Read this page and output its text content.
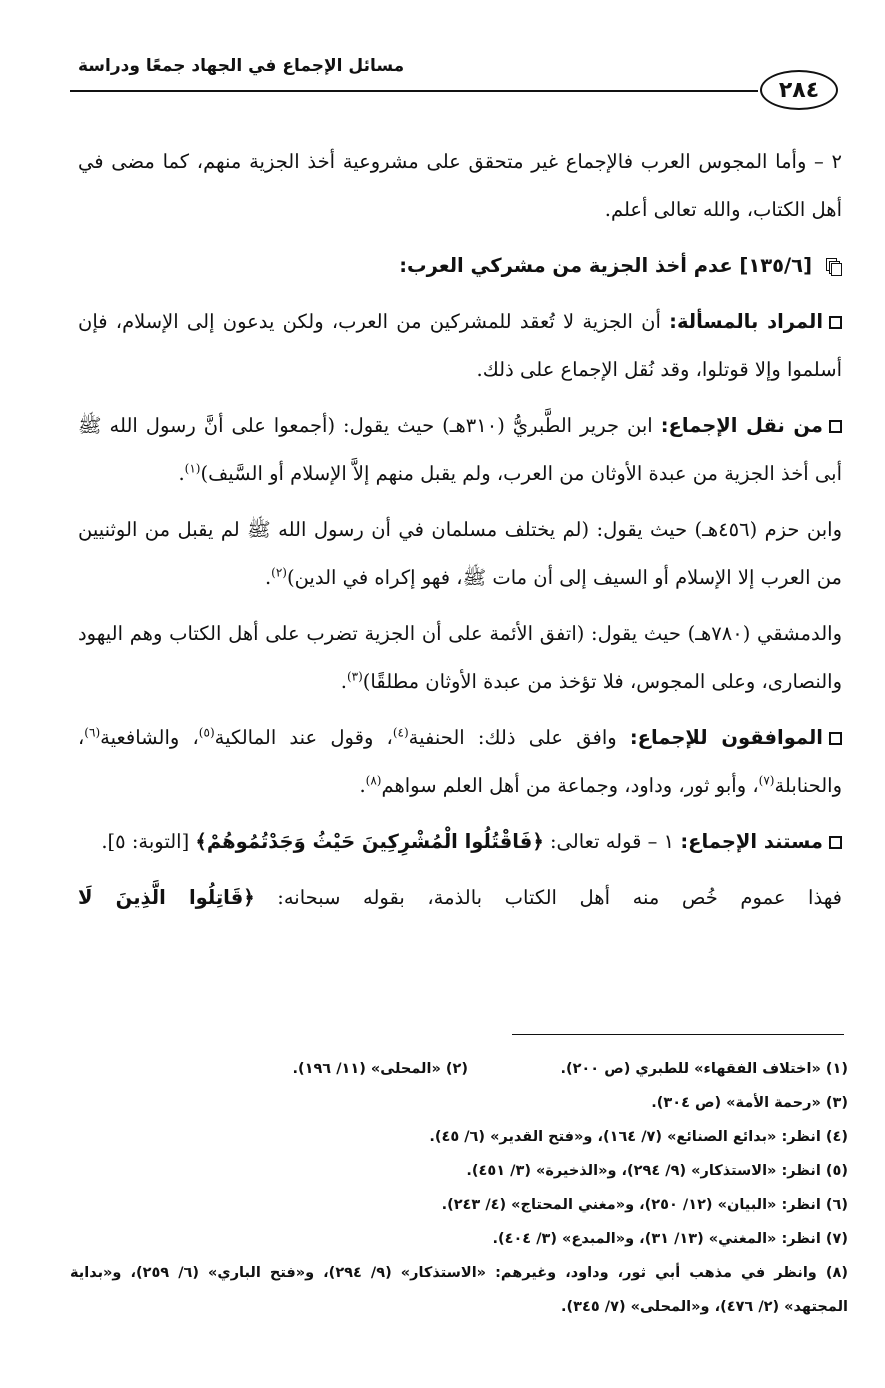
مسائل الإجماع في الجهاد جمعًا ودراسة
٢٨٤

٢ – وأما المجوس العرب فالإجماع غير متحقق على مشروعية أخذ الجزية منهم، كما مضى في أهل الكتاب، والله تعالى أعلم.

[١٣٥/٦] عدم أخذ الجزية من مشركي العرب:

المراد بالمسألة: أن الجزية لا تُعقد للمشركين من العرب، ولكن يدعون إلى الإسلام، فإن أسلموا وإلا قوتلوا، وقد نُقل الإجماع على ذلك.

من نقل الإجماع: ابن جرير الطَّبريُّ (٣١٠هـ) حيث يقول: (أجمعوا على أنَّ رسول الله ﷺ أبى أخذ الجزية من عبدة الأوثان من العرب، ولم يقبل منهم إلاَّ الإسلام أو السَّيف)$^{(١)}$.

وابن حزم (٤٥٦هـ) حيث يقول: (لم يختلف مسلمان في أن رسول الله ﷺ لم يقبل من الوثنيين من العرب إلا الإسلام أو السيف إلى أن مات ﷺ، فهو إكراه في الدين)$^{(٢)}$.

والدمشقي (٧٨٠هـ) حيث يقول: (اتفق الأئمة على أن الجزية تضرب على أهل الكتاب وهم اليهود والنصارى، وعلى المجوس، فلا تؤخذ من عبدة الأوثان مطلقًا)$^{(٣)}$.

الموافقون للإجماع: وافق على ذلك: الحنفية$^{(٤)}$، وقول عند المالكية$^{(٥)}$، والشافعية$^{(٦)}$، والحنابلة$^{(٧)}$، وأبو ثور، وداود، وجماعة من أهل العلم سواهم$^{(٨)}$.

مستند الإجماع: ١ – قوله تعالى: ﴿فَاقْتُلُوا الْمُشْرِكِينَ حَيْثُ وَجَدْتُمُوهُمْ﴾ [التوبة: ٥].

فهذا عموم خُص منه أهل الكتاب بالذمة، بقوله سبحانه: ﴿قَاتِلُوا الَّذِينَ لَا

(١) «اختلاف الفقهاء» للطبري (ص ٢٠٠).
(٢) «المحلى» (١١/ ١٩٦).
(٣) «رحمة الأمة» (ص ٣٠٤).
(٤) انظر: «بدائع الصنائع» (٧/ ١٦٤)، و«فتح القدير» (٦/ ٤٥).
(٥) انظر: «الاستذكار» (٩/ ٢٩٤)، و«الذخيرة» (٣/ ٤٥١).
(٦) انظر: «البيان» (١٢/ ٢٥٠)، و«مغني المحتاج» (٤/ ٢٤٣).
(٧) انظر: «المغني» (١٣/ ٣١)، و«المبدع» (٣/ ٤٠٤).
(٨) وانظر في مذهب أبي ثور، وداود، وغيرهم: «الاستذكار» (٩/ ٢٩٤)، و«فتح الباري» (٦/ ٢٥٩)، و«بداية المجتهد» (٢/ ٤٧٦)، و«المحلى» (٧/ ٣٤٥).
